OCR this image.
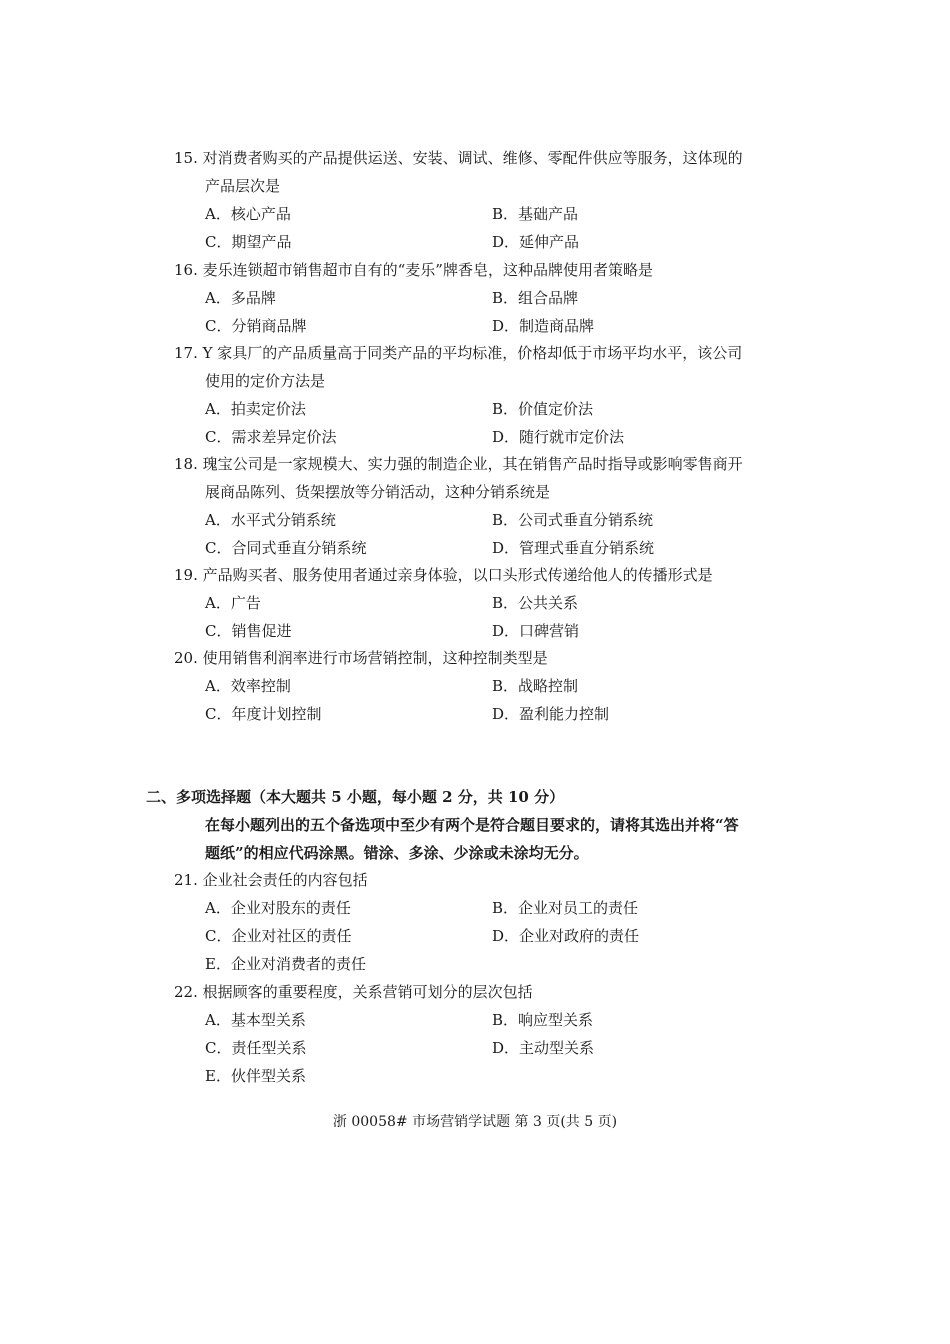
15. 对消费者购买的产品提供运送、安装、调试、维修、零配件供应等服务，这体现的
产品层次是
A．核心产品	B．基础产品
C．期望产品	D．延伸产品
16. 麦乐连锁超市销售超市自有的“麦乐”牌香皂，这种品牌使用者策略是
A．多品牌	B．组合品牌
C．分销商品牌	D．制造商品牌
17. Y 家具厂的产品质量高于同类产品的平均标准，价格却低于市场平均水平，该公司
使用的定价方法是
A．拍卖定价法	B．价值定价法
C．需求差异定价法	D．随行就市定价法
18. 瑰宝公司是一家规模大、实力强的制造企业，其在销售产品时指导或影响零售商开
展商品陈列、货架摆放等分销活动，这种分销系统是
A．水平式分销系统	B．公司式垂直分销系统
C．合同式垂直分销系统	D．管理式垂直分销系统
19. 产品购买者、服务使用者通过亲身体验，以口头形式传递给他人的传播形式是
A．广告	B．公共关系
C．销售促进	D．口碑营销
20. 使用销售利润率进行市场营销控制，这种控制类型是
A．效率控制	B．战略控制
C．年度计划控制	D．盈利能力控制
二、多项选择题（本大题共 5 小题，每小题 2 分，共 10 分）
在每小题列出的五个备选项中至少有两个是符合题目要求的，请将其选出并将“答
题纸”的相应代码涂黑。错涂、多涂、少涂或未涂均无分。
21. 企业社会责任的内容包括
A．企业对股东的责任	B．企业对员工的责任
C．企业对社区的责任	D．企业对政府的责任
E．企业对消费者的责任
22. 根据顾客的重要程度，关系营销可划分的层次包括
A．基本型关系	B．响应型关系
C．责任型关系	D．主动型关系
E．伙伴型关系
浙 00058# 市场营销学试题 第 3 页(共 5 页)
